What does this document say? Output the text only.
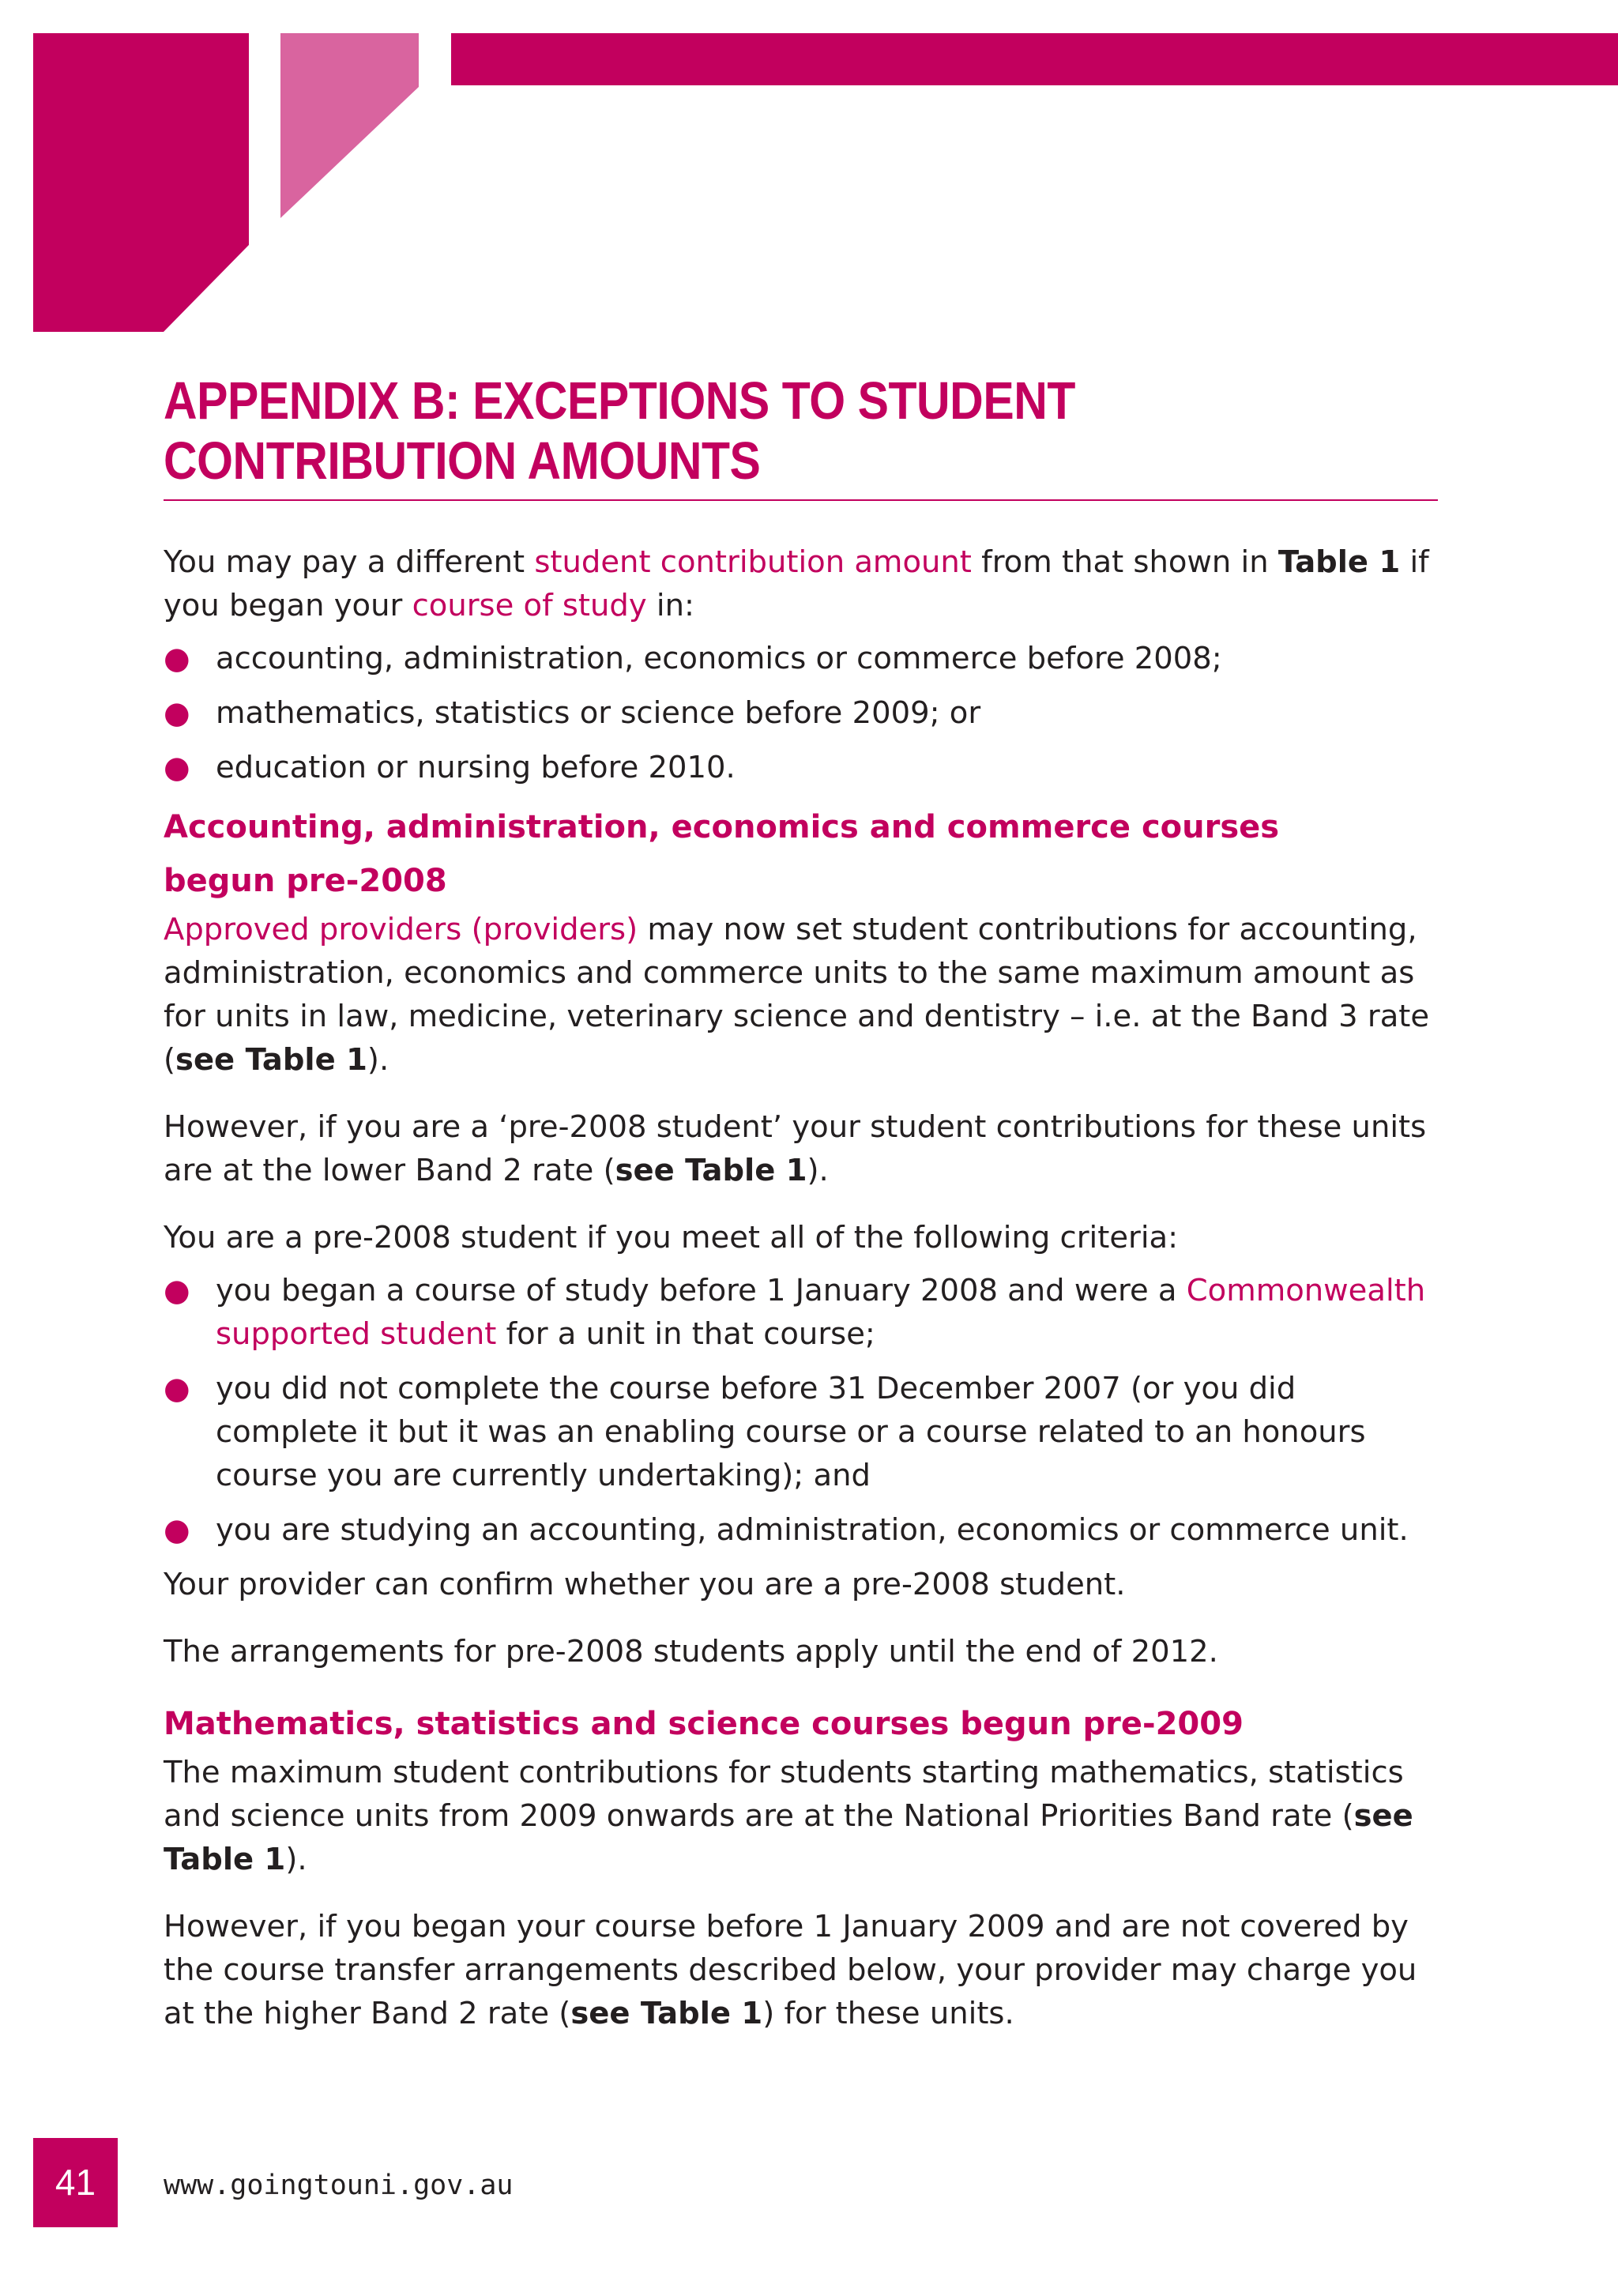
APPENDIX B: EXCEPTIONS TO STUDENT
CONTRIBUTION AMOUNTS

You may pay a different student contribution amount from that shown in Table 1 if you began your course of study in:

● accounting, administration, economics or commerce before 2008;
● mathematics, statistics or science before 2009; or
● education or nursing before 2010.
Accounting, administration, economics and commerce courses
begun pre-2008

Approved providers (providers) may now set student contributions for accounting, administration, economics and commerce units to the same maximum amount as for units in law, medicine, veterinary science and dentistry – i.e. at the Band 3 rate (see Table 1).

However, if you are a ‘pre-2008 student’ your student contributions for these units are at the lower Band 2 rate (see Table 1).

You are a pre-2008 student if you meet all of the following criteria:

● you began a course of study before 1 January 2008 and were a Commonwealth supported student for a unit in that course;
● you did not complete the course before 31 December 2007 (or you did complete it but it was an enabling course or a course related to an honours course you are currently undertaking); and
● you are studying an accounting, administration, economics or commerce unit.

Your provider can confirm whether you are a pre-2008 student.

The arrangements for pre-2008 students apply until the end of 2012.

Mathematics, statistics and science courses begun pre-2009

The maximum student contributions for students starting mathematics, statistics and science units from 2009 onwards are at the National Priorities Band rate (see Table 1).

However, if you began your course before 1 January 2009 and are not covered by the course transfer arrangements described below, your provider may charge you at the higher Band 2 rate (see Table 1) for these units.

41	www.goingtouni.gov.au
